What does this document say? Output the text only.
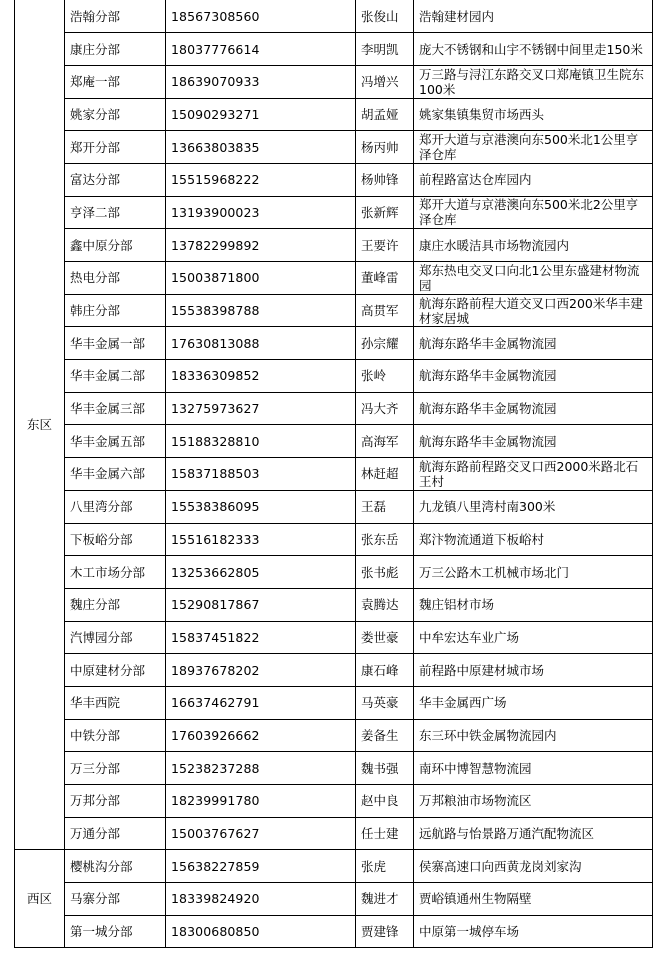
东区	浩翰分部	18567308560	张俊山	浩翰建材园内
	康庄分部	18037776614	李明凯	庞大不锈钢和山宇不锈钢中间里走150米
	郑庵一部	18639070933	冯增兴	万三路与浔江东路交叉口郑庵镇卫生院东100米
	姚家分部	15090293271	胡孟娅	姚家集镇集贸市场西头
	郑开分部	13663803835	杨丙帅	郑开大道与京港澳向东500米北1公里亨泽仓库
	富达分部	15515968222	杨帅锋	前程路富达仓库园内
	亨泽二部	13193900023	张新辉	郑开大道与京港澳向东500米北2公里亨泽仓库
	鑫中原分部	13782299892	王要许	康庄水暖洁具市场物流园内
	热电分部	15003871800	董峰雷	郑东热电交叉口向北1公里东盛建材物流园
	韩庄分部	15538398788	高贯军	航海东路前程大道交叉口西200米华丰建材家居城
	华丰金属一部	17630813088	孙宗耀	航海东路华丰金属物流园
	华丰金属二部	18336309852	张岭	航海东路华丰金属物流园
	华丰金属三部	13275973627	冯大齐	航海东路华丰金属物流园
	华丰金属五部	15188328810	高海军	航海东路华丰金属物流园
	华丰金属六部	15837188503	林赶超	航海东路前程路交叉口西2000米路北石王村
	八里湾分部	15538386095	王磊	九龙镇八里湾村南300米
	下板峪分部	15516182333	张东岳	郑汴物流通道下板峪村
	木工市场分部	13253662805	张书彪	万三公路木工机械市场北门
	魏庄分部	15290817867	袁腾达	魏庄铝材市场
	汽博园分部	15837451822	娄世豪	中牟宏达车业广场
	中原建材分部	18937678202	康石峰	前程路中原建材城市场
	华丰西院	16637462791	马英豪	华丰金属西广场
	中铁分部	17603926662	姜备生	东三环中铁金属物流园内
	万三分部	15238237288	魏书强	南环中博智慧物流园
	万邦分部	18239991780	赵中良	万邦粮油市场物流区
	万通分部	15003767627	任士建	远航路与怡景路万通汽配物流区
西区	樱桃沟分部	15638227859	张虎	侯寨高速口向西黄龙岗刘家沟
	马寨分部	18339824920	魏进才	贾峪镇通州生物隔壁
	第一城分部	18300680850	贾建锋	中原第一城停车场
